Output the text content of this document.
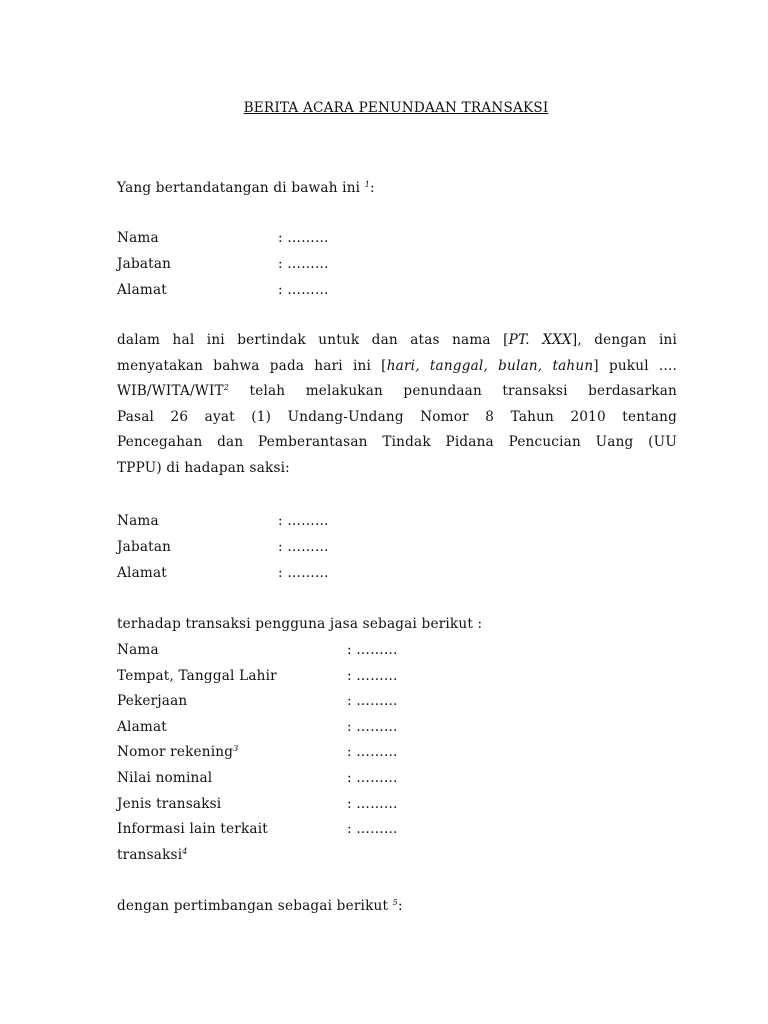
BERITA ACARA PENUNDAAN TRANSAKSI
Yang bertandatangan di bawah ini $^1$:
Nama	: ………
Jabatan	: ………
Alamat	: ………
dalam hal ini bertindak untuk dan atas nama [PT. XXX], dengan ini
menyatakan bahwa pada hari ini [hari, tanggal, bulan, tahun] pukul ....
WIB/WITA/WIT$^2$ telah melakukan penundaan transaksi berdasarkan
Pasal 26 ayat (1) Undang-Undang Nomor 8 Tahun 2010 tentang
Pencegahan dan Pemberantasan Tindak Pidana Pencucian Uang (UU
TPPU) di hadapan saksi:
Nama	: ………
Jabatan	: ………
Alamat	: ………
terhadap transaksi pengguna jasa sebagai berikut :
Nama	: ………
Tempat, Tanggal Lahir	: ………
Pekerjaan	: ………
Alamat	: ………
Nomor rekening$^3$	: ………
Nilai nominal	: ………
Jenis transaksi	: ………
Informasi lain terkait	: ………
transaksi$^4$
dengan pertimbangan sebagai berikut $^5$:
